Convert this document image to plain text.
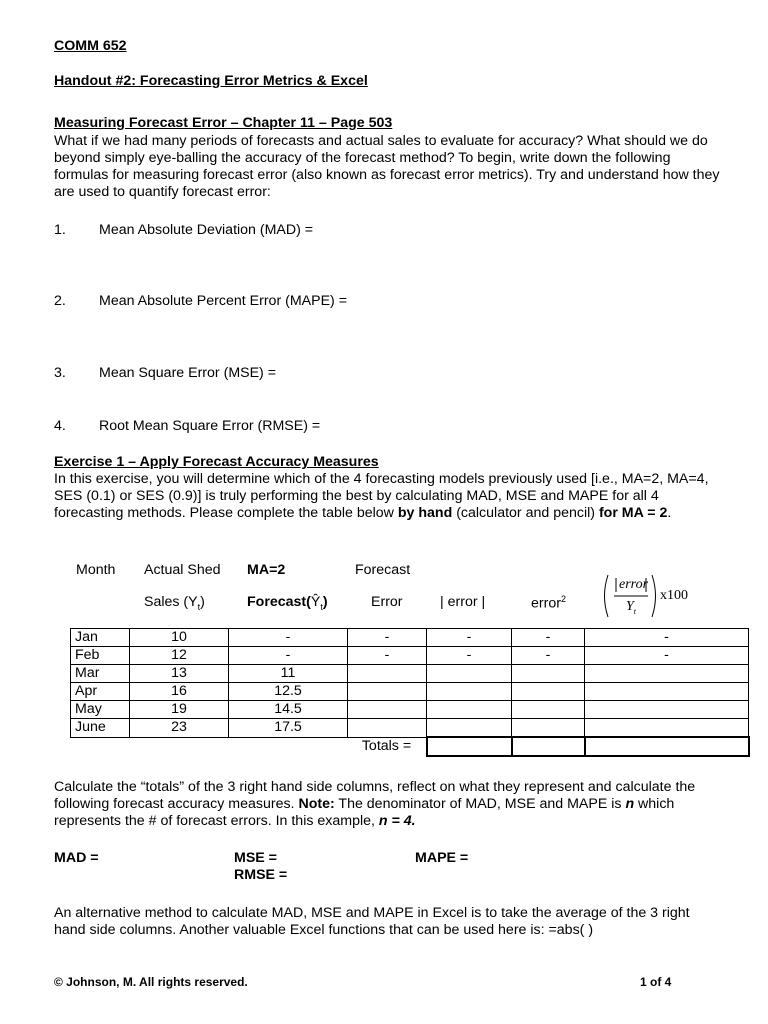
COMM 652
Handout #2: Forecasting Error Metrics & Excel
Measuring Forecast Error – Chapter 11 – Page 503

What if we had many periods of forecasts and actual sales to evaluate for accuracy? What should we do beyond simply eye-balling the accuracy of the forecast method? To begin, write down the following formulas for measuring forecast error (also known as forecast error metrics). Try and understand how they are used to quantify forecast error:

1. Mean Absolute Deviation (MAD) =
2. Mean Absolute Percent Error (MAPE) =
3. Mean Square Error (MSE) =
4. Root Mean Square Error (RMSE) =
Exercise 1 – Apply Forecast Accuracy Measures

In this exercise, you will determine which of the 4 forecasting models previously used [i.e., MA=2, MA=4, SES (0.1) or SES (0.9)] is truly performing the best by calculating MAD, MSE and MAPE for all 4 forecasting methods. Please complete the table below by hand (calculator and pencil) for MA = 2.

Month Actual Shed MA=2	Forecast
Sales $(Y_t)$	$Forecast(Ŷ_t)$	Error	| error |	error$^2$
error
$Y_t$
x100
Jan	10	-	-	-	-	-
Feb	12	-	-	-	-	-
Mar	13	11				
Apr	16	12.5				
May	19	14.5				
June	23	17.5				
			Totals =			

Calculate the “totals” of the 3 right hand side columns, reflect on what they represent and calculate the following forecast accuracy measures. Note: The denominator of MAD, MSE and MAPE is n which represents the # of forecast errors. In this example, n = 4.

MAD =	MSE =
RMSE =
MAPE =

An alternative method to calculate MAD, MSE and MAPE in Excel is to take the average of the 3 right hand side columns. Another valuable Excel functions that can be used here is: =abs( )

© Johnson, M. All rights reserved.	1 of 4
